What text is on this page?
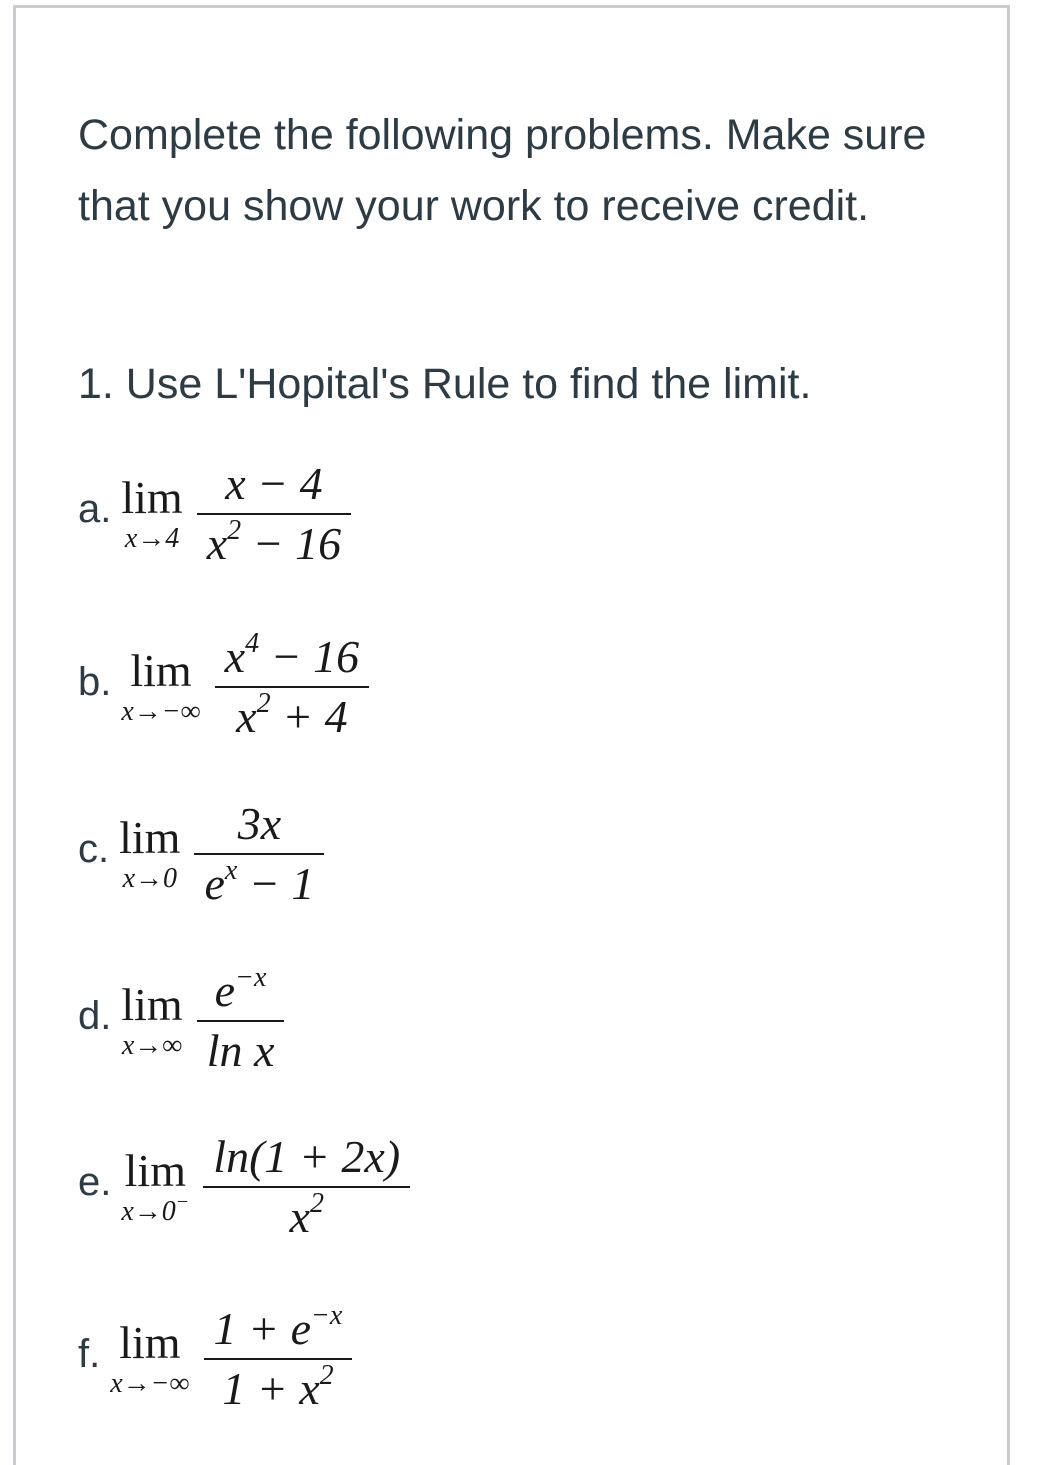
Complete the following problems. Make sure that you show your work to receive credit.

1. Use L'Hopital's Rule to find the limit.

a. lim
$x\to 4 \frac{x - 4}{x^2 - 16}$
b. lim
$x\to-\infty \frac{x^4 - 16}{x^2 + 4}$
c. lim
$x\to 0 \frac{3x}{e^x - 1}$
d. lim
$x\to\infty \frac{e^{-x}}{\text{ln x}}$
e. lim
$x\to 0^- \frac{\ln(1 + 2x)}{x^2}$
f. lim
$x\to-\infty \frac{1 + e^{-x}}{1 + x^2}$
